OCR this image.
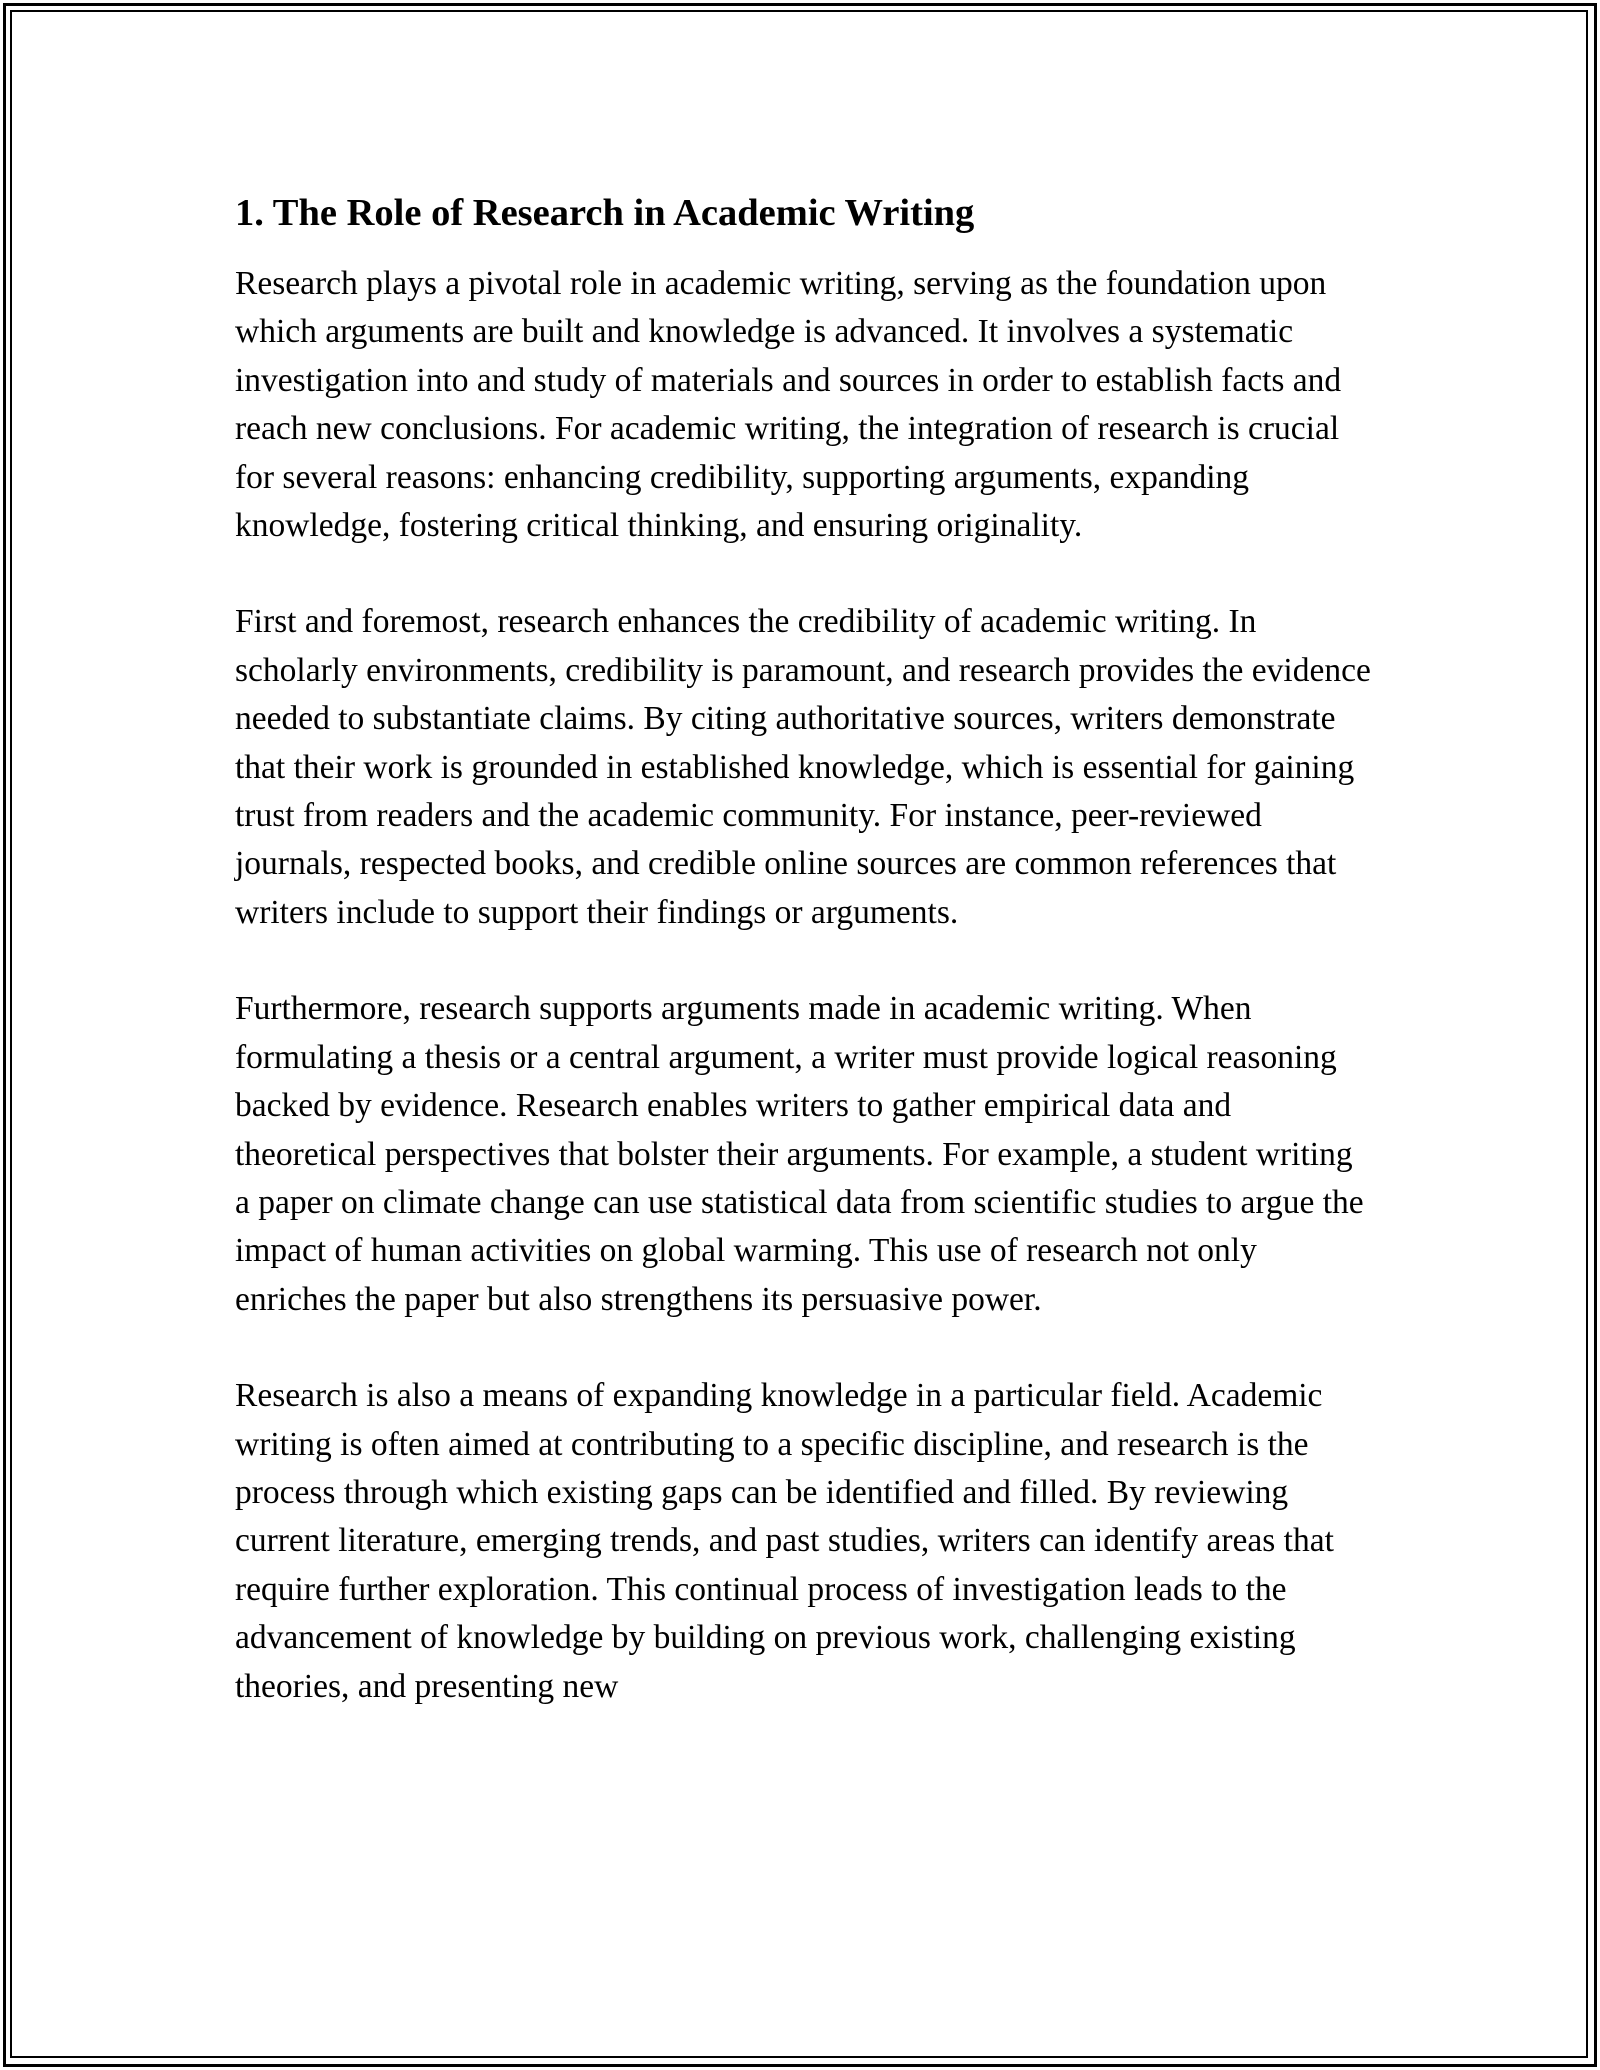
1. The Role of Research in Academic Writing

Research plays a pivotal role in academic writing, serving as the foundation upon which arguments are built and knowledge is advanced. It involves a systematic investigation into and study of materials and sources in order to establish facts and reach new conclusions. For academic writing, the integration of research is crucial for several reasons: enhancing credibility, supporting arguments, expanding knowledge, fostering critical thinking, and ensuring originality.

First and foremost, research enhances the credibility of academic writing. In scholarly environments, credibility is paramount, and research provides the evidence needed to substantiate claims. By citing authoritative sources, writers demonstrate that their work is grounded in established knowledge, which is essential for gaining trust from readers and the academic community. For instance, peer-reviewed journals, respected books, and credible online sources are common references that writers include to support their findings or arguments.

Furthermore, research supports arguments made in academic writing. When formulating a thesis or a central argument, a writer must provide logical reasoning backed by evidence. Research enables writers to gather empirical data and theoretical perspectives that bolster their arguments. For example, a student writing a paper on climate change can use statistical data from scientific studies to argue the impact of human activities on global warming. This use of research not only enriches the paper but also strengthens its persuasive power.

Research is also a means of expanding knowledge in a particular field. Academic writing is often aimed at contributing to a specific discipline, and research is the process through which existing gaps can be identified and filled. By reviewing current literature, emerging trends, and past studies, writers can identify areas that require further exploration. This continual process of investigation leads to the advancement of knowledge by building on previous work, challenging existing theories, and presenting new
